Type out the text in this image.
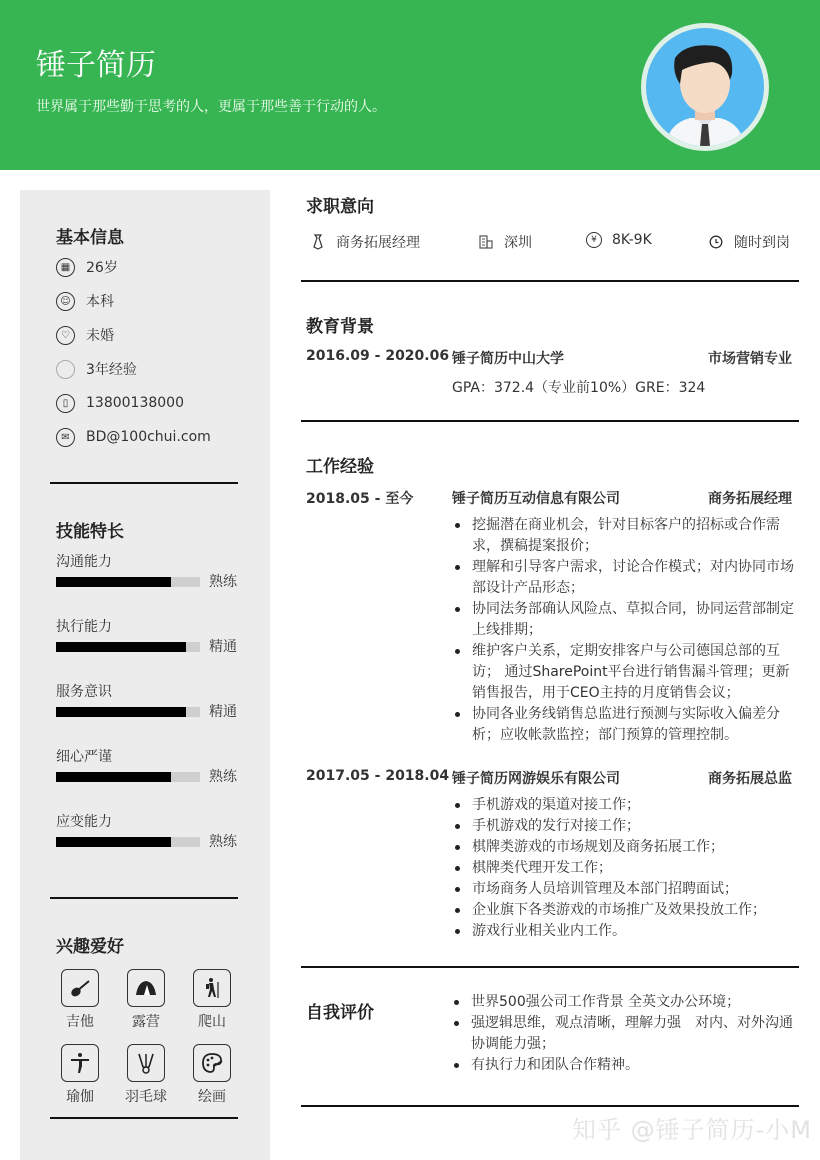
锤子简历
世界属于那些勤于思考的人，更属于那些善于行动的人。
基本信息
▦	26岁
☺	本科
♡	未婚
3年经验
▯	13800138000
✉	BD@100chui.com
技能特长
沟通能力
熟练
执行能力
精通
服务意识
精通
细心严谨
熟练
应变能力
熟练
兴趣爱好
吉他	露营	爬山
瑜伽	羽毛球	绘画
求职意向
商务拓展经理	深圳	¥	8K-9K	随时到岗
教育背景
2016.09 - 2020.06 锤子简历中山大学	市场营销专业
GPA：372.4（专业前10%）GRE：324
工作经验
2018.05 - 至今	锤子简历互动信息有限公司	商务拓展经理
挖掘潜在商业机会，针对目标客户的招标或合作需求，撰稿提案报价；
理解和引导客户需求，讨论合作模式；对内协同市场部设计产品形态；
协同法务部确认风险点、草拟合同，协同运营部制定上线排期；
维护客户关系，定期安排客户与公司德国总部的互访； 通过SharePoint平台进行销售漏斗管理；更新销售报告，用于CEO主持的月度销售会议；
协同各业务线销售总监进行预测与实际收入偏差分析；应收帐款监控；部门预算的管理控制。
2017.05 - 2018.04 锤子简历网游娱乐有限公司	商务拓展总监
手机游戏的渠道对接工作；
手机游戏的发行对接工作；
棋牌类游戏的市场规划及商务拓展工作；
棋牌类代理开发工作；
市场商务人员培训管理及本部门招聘面试；
企业旗下各类游戏的市场推广及效果投放工作；
游戏行业相关业内工作。
自我评价
世界500强公司工作背景 全英文办公环境；
强逻辑思维，观点清晰，理解力强　对内、对外沟通协调能力强；
有执行力和团队合作精神。
知乎 @锤子简历-小M
